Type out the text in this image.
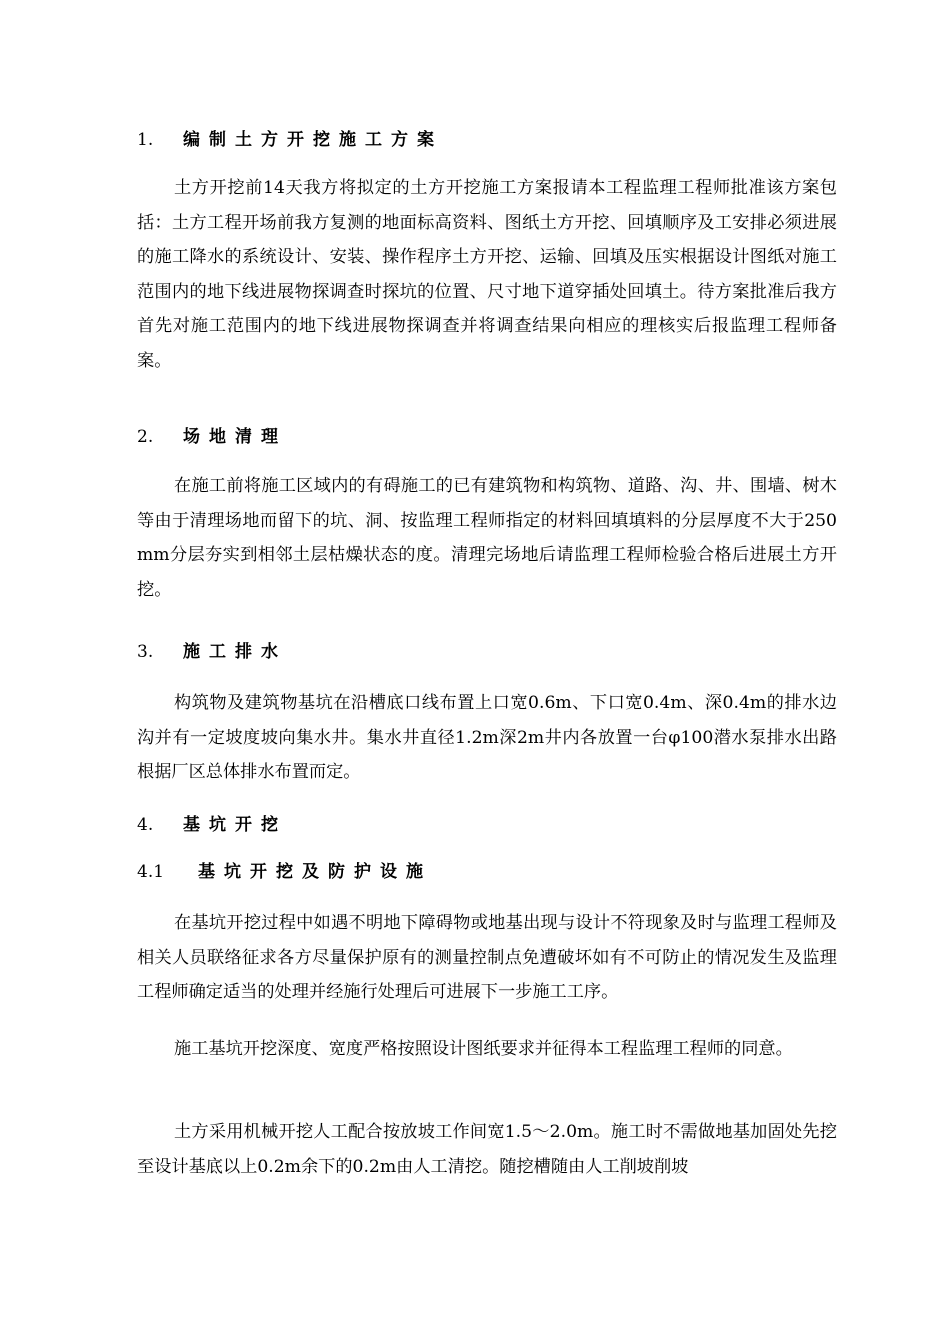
1. 编制土方开挖施工方案
土方开挖前14天我方将拟定的土方开挖施工方案报请本工程监理工程师批准该方案包括：土方工程开场前我方复测的地面标高资料、图纸土方开挖、回填顺序及工安排必须进展的施工降水的系统设计、安装、操作程序土方开挖、运输、回填及压实根据设计图纸对施工范围内的地下线进展物探调查时探坑的位置、尺寸地下道穿插处回填土。待方案批准后我方首先对施工范围内的地下线进展物探调查并将调查结果向相应的理核实后报监理工程师备案。
2. 场地清理
在施工前将施工区域内的有碍施工的已有建筑物和构筑物、道路、沟、井、围墙、树木等由于清理场地而留下的坑、洞、按监理工程师指定的材料回填填料的分层厚度不大于250mm分层夯实到相邻土层枯燥状态的度。清理完场地后请监理工程师检验合格后进展土方开挖。
3. 施工排水
构筑物及建筑物基坑在沿槽底口线布置上口宽0.6m、下口宽0.4m、深0.4m的排水边沟并有一定坡度坡向集水井。集水井直径1.2m深2m井内各放置一台φ100潜水泵排水出路根据厂区总体排水布置而定。
4. 基坑开挖
4.1 基坑开挖及防护设施
在基坑开挖过程中如遇不明地下障碍物或地基出现与设计不符现象及时与监理工程师及相关人员联络征求各方尽量保护原有的测量控制点免遭破坏如有不可防止的情况发生及监理工程师确定适当的处理并经施行处理后可进展下一步施工工序。
施工基坑开挖深度、宽度严格按照设计图纸要求并征得本工程监理工程师的同意。
土方采用机械开挖人工配合按放坡工作间宽1.5～2.0m。施工时不需做地基加固处先挖至设计基底以上0.2m余下的0.2m由人工清挖。随挖槽随由人工削坡削坡
